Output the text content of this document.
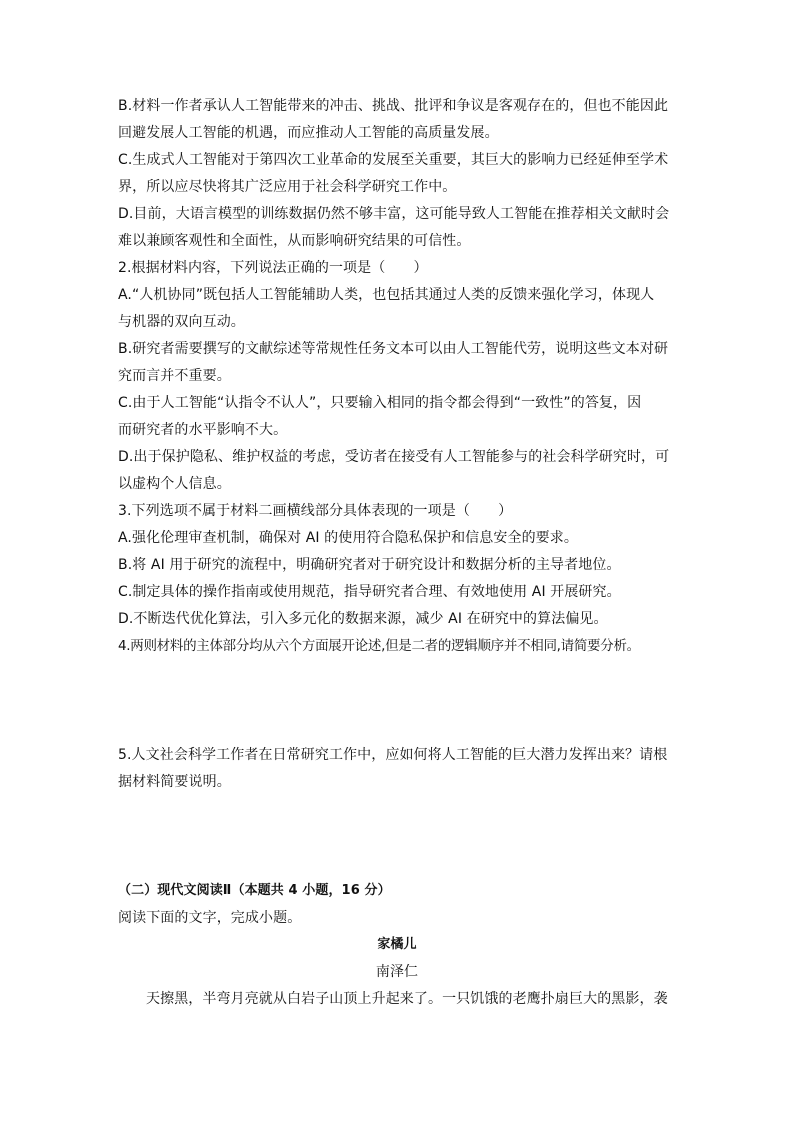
B.材料一作者承认人工智能带来的冲击、挑战、批评和争议是客观存在的，但也不能因此
回避发展人工智能的机遇，而应推动人工智能的高质量发展。
C.生成式人工智能对于第四次工业革命的发展至关重要，其巨大的影响力已经延伸至学术
界，所以应尽快将其广泛应用于社会科学研究工作中。
D.目前，大语言模型的训练数据仍然不够丰富，这可能导致人工智能在推荐相关文献时会
难以兼顾客观性和全面性，从而影响研究结果的可信性。
2.根据材料内容，下列说法正确的一项是（　　）
A.“人机协同”既包括人工智能辅助人类，也包括其通过人类的反馈来强化学习，体现人
与机器的双向互动。
B.研究者需要撰写的文献综述等常规性任务文本可以由人工智能代劳，说明这些文本对研
究而言并不重要。
C.由于人工智能“认指令不认人”，只要输入相同的指令都会得到“一致性”的答复，因
而研究者的水平影响不大。
D.出于保护隐私、维护权益的考虑，受访者在接受有人工智能参与的社会科学研究时，可
以虚构个人信息。
3.下列选项不属于材料二画横线部分具体表现的一项是（　　）
A.强化伦理审查机制，确保对 AI 的使用符合隐私保护和信息安全的要求。
B.将 AI 用于研究的流程中，明确研究者对于研究设计和数据分析的主导者地位。
C.制定具体的操作指南或使用规范，指导研究者合理、有效地使用 AI 开展研究。
D.不断迭代优化算法，引入多元化的数据来源，减少 AI 在研究中的算法偏见。
4.两则材料的主体部分均从六个方面展开论述,但是二者的逻辑顺序并不相同,请简要分析。
5.人文社会科学工作者在日常研究工作中，应如何将人工智能的巨大潜力发挥出来？请根
据材料简要说明。
（二）现代文阅读Ⅱ（本题共 4 小题，16 分）
阅读下面的文字，完成小题。
家橘儿
南泽仁
天擦黑，半弯月亮就从白岩子山顶上升起来了。一只饥饿的老鹰扑扇巨大的黑影，袭
